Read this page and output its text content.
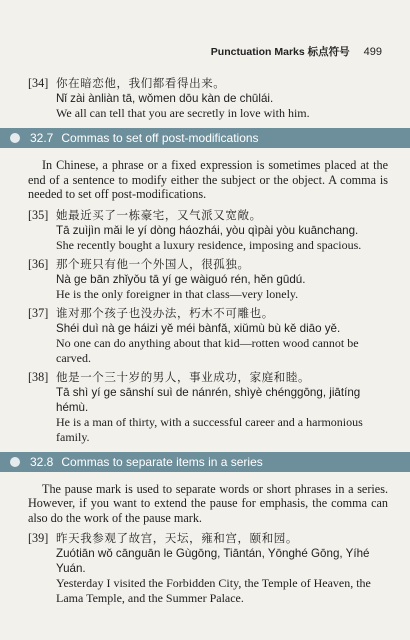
Punctuation Marks 标点符号 499
[34] 你在暗恋他，我们都看得出来。
Nǐ zài ànliàn tā, wǒmen dōu kàn de chūlái.
We all can tell that you are secretly in love with him.
32.7 Commas to set off post-modifications

In Chinese, a phrase or a fixed expression is sometimes placed at the end of a sentence to modify either the subject or the object. A comma is needed to set off post-modifications.

[35] 她最近买了一栋豪宅，又气派又宽敞。
Tā zuìjìn mǎi le yí dòng háozhái, yòu qìpài yòu kuānchang.
She recently bought a luxury residence, imposing and spacious.
[36] 那个班只有他一个外国人，很孤独。
Nà ge bān zhǐyǒu tā yí ge wàiguó rén, hěn gūdú.
He is the only foreigner in that class—very lonely.
[37] 谁对那个孩子也没办法，朽木不可雕也。
Shéi duì nà ge háizi yě méi bànfǎ, xiǔmù bù kě diāo yě.
No one can do anything about that kid—rotten wood cannot be carved.
[38] 他是一个三十岁的男人，事业成功，家庭和睦。
Tā shì yí ge sānshí suì de nánrén, shìyè chénggōng, jiātíng hémù.
He is a man of thirty, with a successful career and a harmonious family.
32.8 Commas to separate items in a series

The pause mark is used to separate words or short phrases in a series. However, if you want to extend the pause for emphasis, the comma can also do the work of the pause mark.

[39] 昨天我参观了故宫，天坛，雍和宫，颐和园。
Zuótiān wǒ cānguān le Gùgōng, Tiāntán, Yōnghé Gōng, Yíhé Yuán.
Yesterday I visited the Forbidden City, the Temple of Heaven, the Lama Temple, and the Summer Palace.
